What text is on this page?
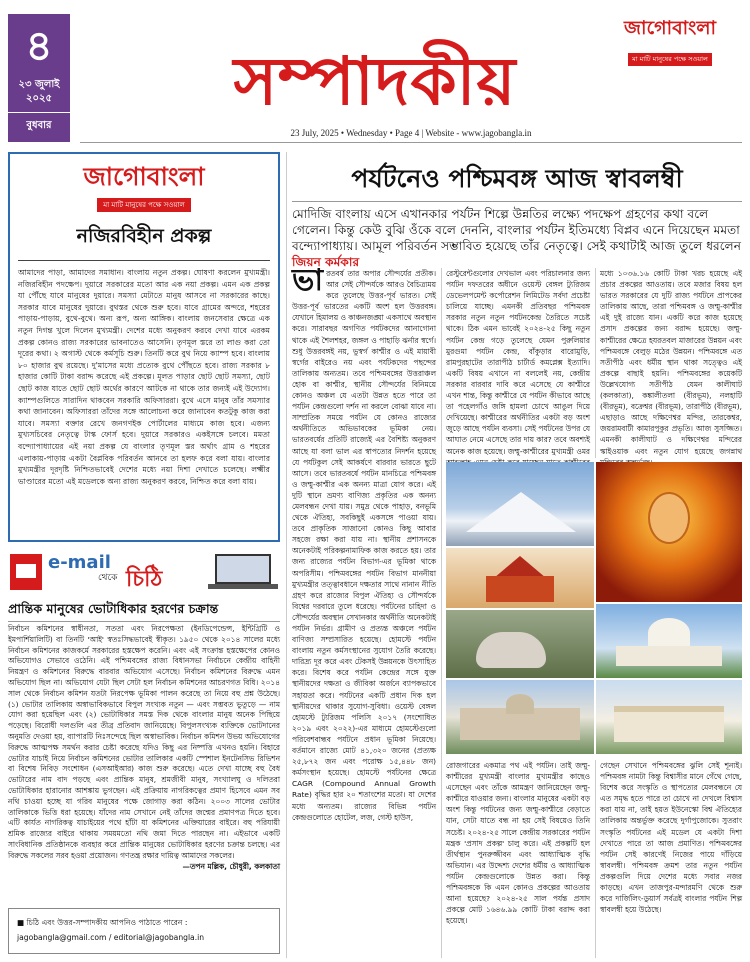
৪
২৩ জুলাই ২০২৫
বুধবার
সম্পাদকীয়
জাগোবাংলা
মা মাটি মানুষের পক্ষে সওয়াল
23 July, 2025 • Wednesday • Page 4 | Website - www.jagobangla.in
জাগোবাংলা
মা মাটি মানুষের পক্ষে সওয়াল
নজিরবিহীন প্রকল্প

আমাদের পাড়া, আমাদের সমাধান। বাংলায় নতুন প্রকল্প। ঘোষণা করলেন মুখ্যমন্ত্রী। নজিরবিহীন পদক্ষেপ। দুয়ারে সরকারের মতো আর এক নয়া প্রকল্প। এমন এক প্রকল্প যা পৌঁছে যাবে মানুষের দুয়ারে। সমস্যা মেটাতে মানুষ আসবে না সরকারের কাছে। সরকার যাবে মানুষের দুয়ারে। বুথস্তর থেকে শুরু হবে। যাবে গ্রামের অন্দরে, শহরের পাড়ায়-পাড়ায়, বুথে-বুথে। অন্য রূপ, অন্য আঙ্গিক। বাংলায় জনসেবার ক্ষেত্রে এক নতুন দিগন্ত খুলে দিলেন মুখ্যমন্ত্রী। দেশের মধ্যে অনুকরণ করবে দেখা যাবে এরকম প্রকল্প কোনও রাজ্য সরকারের ভাবনাতেও আসেনি। তৃণমূল স্তরে তা লাগু করা তো দূরের কথা। ২ অগাস্ট থেকে কর্মসূচি শুরু। তিনটি করে বুথ নিয়ে ক্যাম্প হবে। বাংলায় ৮০ হাজার বুথ রয়েছে। দু'মাসের মধ্যে প্রত্যেক বুথে পৌঁছতে হবে। রাজ্য সরকার ৮ হাজার কোটি টাকা বরাদ্দ করেছে এই প্রকল্পে। মূলত পাড়ার ছোট ছোট সমস্যা, ছোট ছোট কাজ যাতে ছোট ছোট অর্থের কারণে আটকে না থাকে তার জন্যই এই উদ্যোগ। ক্যাম্পগুলিতে সারাদিন থাকবেন সরকারি অফিসাররা। বুথে এসে মানুষ তাঁর সমস্যার কথা জানাবেন। অফিসাররা তাঁদের সঙ্গে আলোচনা করে জানাবেন কতটুকু কাজ করা যাবে। সমস্যা বক্তার রেখে জনগণইক পোর্টালের মাধ্যমে কাজ হবে। এজন্য মুখ্যসচিবের নেতৃত্বে টাস্ক ফোর্স হবে। দুয়ারে সরকারও একইসঙ্গে চলবে। মমতা বন্দ্যোপাধ্যায়ের এই নয়া প্রকল্প যে বাংলার তৃণমূল স্তর অর্থাৎ গ্রাম ও শহরের এলাকায়-পাড়ায় একটা বৈপ্লবিক পরিবর্তন আনবে তা হলফ করে বলা যায়। বাংলার মুখ্যমন্ত্রীর দূরদৃষ্টি নিশ্চিতভাবেই দেশের মধ্যে নয়া দিশা দেখাতে চলেছে। লক্ষ্মীর ভাণ্ডারের মতো এই মডেলকে অন্য রাজ্য অনুকরণ করবে, নিশ্চিত করে বলা যায়।

e-mail
থেকে চিঠি
প্রান্তিক মানুষের ভোটাধিকার হরণের চক্রান্ত
নির্বাচন কমিশনের স্বাধীনতা, সততা এবং নিরপেক্ষতা (ইনডিপেন্ডেন্স, ইন্টিগ্রিটি ও ইমপার্শিয়ালিটি) বা তিনটি 'আই' স্বতঃসিদ্ধভাবেই স্বীকৃত। ১৯৫০ থেকে ২০১৪ সালের মধ্যে নির্বাচন কমিশনের কাজকর্মে সরকারের হস্তক্ষেপ করেনি। এবং এই সংক্রান্ত হস্তক্ষেপের কোনও অভিযোগও সেভাবে ওঠেনি। এই পশ্চিমবঙ্গের রাজ্য বিধানসভা নির্বাচনে কেন্দ্রীয় বাহিনী নিয়ন্ত্রণ ও কমিশনের বিরুদ্ধে বারবার অভিযোগ এসেছে। নির্বাচন কমিশনের বিরুদ্ধে এমন অভিযোগ ছিল না। অভিযোগ যেটা ছিল সেটা হল নির্বাচন কমিশনের আচরণগত বিধি। ২০১৪ সাল থেকে নির্বাচন কমিশন যতটা নিরপেক্ষ ভূমিকা পালন করেছে তা নিয়ে বহু প্রশ্ন উঠেছে। (১) ভোটার তালিকায় অস্বাভাবিকভাবে বিপুল সংখ্যক নতুন — এবং সম্ভবত ভুতুড়ে — নাম যোগ করা হয়েছিল এবং (২) ভোটাধিকার সমস্ত দিক থেকে বাংলার মানুষ অনেক পিছিয়ে পড়েছে। বিরোধী দলগুলি এর তীব্র প্রতিবাদ জানিয়েছে। বিপুলসংখ্যক ব্যক্তিকে ভোটদানের অনুমতি দেওয়া হয়, ব্যাপারটি নিঃসন্দেহে ছিল অস্বাভাবিক। নির্বাচন কমিশন উভয় অভিযোগের বিরুদ্ধে আত্মপক্ষ সমর্থন করার চেষ্টা করেছে যদিও কিছু এর নিষ্পত্তি এখনও হয়নি। বিহারে ভোটার যাচাই নিয়ে নির্বাচন কমিশনের ভোটার তালিকার একটি স্পেশাল ইনটেনসিভ রিভিশন বা বিশেষ নিবিড় সংশোধন (এসআইআর) কাজ শুরু করেছে। এতে দেখা যাচ্ছে বহু বৈধ ভোটারের নাম বাদ পড়ছে এবং প্রান্তিক মানুষ, শ্রমজীবী মানুষ, সংখ্যালঘু ও দলিতরা ভোটাধিকার হারানোর আশঙ্কায় ভুগছেন। এই প্রক্রিয়ায় নাগরিকত্বের প্রমাণ হিসেবে এমন সব নথি চাওয়া হচ্ছে যা গরিব মানুষের পক্ষে জোগাড় করা কঠিন। ২০০৩ সালের ভোটার তালিকাকে ভিত্তি ধরা হয়েছে। যাঁদের নাম সেখানে নেই তাঁদের জন্মের প্রমাণপত্র দিতে হবে। এটি কার্যত নাগরিকত্ব যাচাইয়ের পথে হাঁটা যা কমিশনের এক্তিয়ারের বাইরে। বহু পরিযায়ী শ্রমিক রাজ্যের বাইরে থাকায় সময়মতো নথি জমা দিতে পারছেন না। এইভাবে একটি সাংবিধানিক প্রতিষ্ঠানকে ব্যবহার করে প্রান্তিক মানুষের ভোটাধিকার হরণের চক্রান্ত চলছে। এর বিরুদ্ধে সকলের সরব হওয়া প্রয়োজন। গণতন্ত্র রক্ষার দায়িত্ব আমাদের সকলের।
—তপন মল্লিক, চৌধুরী, কলকাতা
■ চিঠি এবং উত্তর-সম্পাদকীয় আপনিও পাঠাতে পারেন :
jagobangla@gmail.com / editorial@jagobangla.in
পর্যটনেও পশ্চিমবঙ্গ আজ স্বাবলম্বী
মোদিজি বাংলায় এসে এখানকার পর্যটন শিল্পে উন্নতির লক্ষ্যে পদক্ষেপ গ্রহণের কথা বলে গেলেন। কিন্তু কেউ বুঝি ওঁকে বলে দেননি, বাংলার পর্যটন ইতিমধ্যে বিপ্লব এনে দিয়েছেন মমতা বন্দ্যোপাধ্যায়। আমূল পরিবর্তন সম্ভাবিত হয়েছে তাঁর নেতৃত্বে। সেই কথাটাই আজ তুলে ধরলেন জিয়ন কর্মকার
ভা রতবর্ষ তার অপার সৌন্দর্যের প্রতীক। আর সেই সৌন্দর্যকে আরও বৈচিত্র্যময় করে তুলেছে উত্তর-পূর্ব ভারত। সেই উত্তর-পূর্ব ভারতের একটি অংশ হল উত্তরবঙ্গ। যেখানে হিমালয় ও কাঞ্চনজঙ্ঘা একসাথে অবস্থান করে। সারাবছর অগণিত পর্যটকদের আনাগোনা থাকে এই শৈলশহর, জঙ্গল ও পাহাড়ি ঝর্নার স্বর্গে। শুধু উত্তরবঙ্গই নয়, ভুস্বর্গ কাশ্মীর ও এই মায়াবী স্বর্গের বাইরেও নয় এবং পর্যটকদের পছন্দের তালিকায় অন্যতম। তবে পশ্চিমবঙ্গের উত্তরাঞ্চল হোক বা কাশ্মীর, স্থানীয় সৌন্দর্যের বিনিময়ে কোনও অঞ্চল যে এতটা উন্নত হতে পারে তা পর্যটন কেন্দ্রগুলো দর্শন না করলে বোঝা যাবে না। সাম্প্রতিক সময়ে পর্যটন যে কোনও রাজ্যের অর্থনীতিতে অভিভাবকের ভূমিকা নেয়। ভারতবর্ষের প্রতিটি রাজ্যেই এর বৈশিষ্ট্য অনুকরণ আছে যা বলা ভাল এর স্বাপত্যের নিদর্শন হয়েছে যে পর্যটকুল সেই আকর্ষণে বারবার ভারতে ছুটে আসে। তবে ভারতবর্ষে পর্যটন মানচিত্রে পশ্চিমবঙ্গ ও জম্মু-কাশ্মীর এক অনন্য মাত্রা যোগ করে। এই দুটি স্থানে ভ্রমণ্য বাণিজ্য প্রকৃতির এক অনন্য মেলবন্ধন দেখা যায়। সমুদ্র থেকে পাহাড়, বনভূমি থেকে ঐতিহ্য, সবকিছুই একসঙ্গে পাওয়া যায়। তবে প্রাকৃতিক সাজানো কোনও কিছু আবার সহজে রক্ষা করা যায় না। স্থানীয় প্রশাসনকে অনেকটাই পরিকল্পনামাফিক কাজ করতে হয়। তার জন্য রাজ্যের পর্যটন বিভাগ-এর ভূমিকা থাকে অপরিসীম। পশ্চিমবঙ্গের পর্যটন বিভাগ মাননীয়া মুখ্যমন্ত্রীর তত্ত্বাবধানে দক্ষতার সাথে নানান নীতি গ্রহণ করে রাজ্যের বিপুল ঐতিহ্য ও সৌন্দর্যকে বিশ্বের দরবারে তুলে ধরেছে। পর্যটনের চাহিদা ও সৌন্দর্যের অবস্থান সেখানকার অর্থনীতি অনেকটাই পর্যটন নির্ভর। গ্রামীণ ও প্রত্যন্ত অঞ্চলে পর্যটন বাণিজ্য সম্প্রসারিত হয়েছে। হোমস্টে পর্যটন বাংলায় নতুন কর্মসংস্থানের সুযোগ তৈরি করেছে। দারিদ্র্য দূর করে এবং টেকসই উন্নয়নকে উৎসাহিত করে। বিশেষ করে পর্যটন কেন্দ্রের সঙ্গে যুক্ত স্থানীয়দের দক্ষতা ও জীবিকা অর্জনে ব্যাপকভাবে সহায়তা করে। পর্যটনের একটি প্রধান দিক হল স্থানীয়দের থাকার সুযোগ-সুবিধা। ওয়েস্ট বেঙ্গল হোমস্টে ট্যুরিজম পলিসি ২০১৭ (সংশোধিত ২০১৯ এবং ২০২২)-এর মাধ্যমে হোমস্টেগুলো পরিবেশবান্ধব পর্যটনে প্রধান ভূমিকা নিয়েছে। বর্তমানে রাজ্যে মোট ৪১,৩২০ জনের (প্রত্যক্ষ ২৫,৮৭২ জন এবং পরোক্ষ ১৫,৪৪৮ জন) কর্মসংস্থান হয়েছে। হোমস্টে পর্যটনের ক্ষেত্রে CAGR (Compound Annual Growth Rate) বৃদ্ধির হার ২০ শতাংশের মতো। যা দেশের মধ্যে অন্যতম। রাজ্যের বিভিন্ন পর্যটন কেন্দ্রগুলোতে হোটেল, লজ, গেস্ট হাউস,
রেস্টুরেন্টগুলোর দেখভাল এবং পরিচালনার জন্য পর্যটন দফতরের অধীনে ওয়েস্ট বেঙ্গল ট্যুরিজম ডেভেলপমেন্ট কর্পোরেশন লিমিটেড সর্বদা প্রচেষ্টা চালিয়ে যাচ্ছে। এমনকী প্রতিবছর পশ্চিমবঙ্গ সরকার নতুন নতুন পর্যটনকেন্দ্র তৈরিতে সচেষ্ট থাকে। ঠিক এমন ভাবেই ২০২৪-২৫ কিছু নতুন পর্যটন কেন্দ্র গড়ে তুলেছে যেমন পুরুলিয়ার মুরগুমা পর্যটন কেন্দ্র, বাঁকুড়ার বারোমুড়ি, রামপুরহাটের তারাপীঠ চার্টার্ড কমপ্লেক্স ইত্যাদি। একটি বিষয় এখানে না বললেই নয়, কেন্দ্রীয় সরকার বারবার দাবি করে এসেছে যে কাশ্মীরে এখন শান্ত, কিন্তু কাশ্মীরে যে পর্যটন কীভাবে আছে তা পহেলগাঁও জঙ্গি হামলা চোখে আঙুল দিয়ে দেখিয়েছে। কাশ্মীরের অর্থনীতির একটা বড় অংশ জুড়ে আছে পর্যটন ব্যবসা। সেই পর্যটনের উপর যে আঘাত নেমে এসেছে তার দায় কার? তবে অবশ্যই অনেক কাজ হয়েছে। জম্মু-কাশ্মীরের মুখ্যমন্ত্রী ওমর
মধ্যে ১০৩৬.১৬ কোটি টাকা খরচ হয়েছে এই প্রচার প্রকল্পের আওতায়। তবে মজার বিষয় হল ভারত সরকারের যে দুটি রাজ্য পর্যটনে প্রাপকের তালিকায় আছে, তারা পশ্চিমবঙ্গ ও জম্মু-কাশ্মীর এই দুই রাজ্যে যান। একটি করে কাজ হয়েছে প্রসাদ প্রকল্পের জন্য বরাদ্দ হয়েছে। জম্মু-কাশ্মীরের ক্ষেত্রে হযরতবল মাজারের উন্নয়ন এবং পশ্চিমবঙ্গে বেলুড় মঠের উন্নয়ন। পশ্চিমবঙ্গে এত সতীপীঠ এবং ধর্মীয় স্থান থাকা সত্ত্বেও এই প্রকল্পে বাছাই হয়নি। পশ্চিমবঙ্গের কয়েকটি উল্লেখযোগ্য সতীপীঠ যেমন কালীঘাট (কলকাতা), কঙ্কালীতলা (বীরভূম), নলহাটি (বীরভূম), বক্রেশ্বর (বীরভূম), তারাপীঠ (বীরভূম), এছাড়াও আছে দক্ষিণেশ্বর মন্দির, তারকেশ্বর, জয়রামবাটী কামারপুকুর প্রভৃতি। আজ সুসজ্জিত। এমনকী কালীঘাট ও দক্ষিণেশ্বর মন্দিরের স্কাইওয়াক এবং নতুন যোগ হয়েছে জগন্নাথ
রোজগারের একমাত্র পথ এই পর্যটন। তাই জম্মু-কাশ্মীরের মুখ্যমন্ত্রী বাংলার মুখ্যমন্ত্রীর কাছেও এসেছেন এবং তাঁকে আমন্ত্রণ জানিয়েছেন জম্মু-কাশ্মীরে যাওয়ার জন্য। বাংলার মানুষের একটা বড় অংশ কিন্তু পর্যটনের জন্য জম্মু-কাশ্মীরে বেড়াতে যান, সেটা যাতে বন্ধ না হয় সেই বিষয়েও তিনি সচেষ্ট। ২০২৪-২৫ সালে কেন্দ্রীয় সরকারের পর্যটন মন্ত্রক 'প্রসাদ প্রকল্প' চালু করে। এই প্রকল্পটি হল তীর্থস্থান পুনরুজ্জীবন এবং আধ্যাত্মিক বৃদ্ধি অভিযান। এর উদ্দেশ্য দেশের ধর্মীয় ও আধ্যাত্মিক পর্যটন কেন্দ্রগুলোকে উন্নত করা। কিন্তু পশ্চিমবঙ্গকে কি এমন কোনও প্রকল্পের আওতায় আনা হয়েছে? ২০২৪-২৫ সাল পর্যন্ত প্রসাদ প্রকল্পে মোট ১৬৪৬.৯৯ কোটি টাকা বরাদ্দ করা হয়েছে।
গেছেন সেখানে পশ্চিমবঙ্গের ঝুলি সেই শূন্যই। পশ্চিমবঙ্গ নামটা কিন্তু বিশ্বাসীর মানে গেঁথে গেছে, বিশেষ করে সংস্কৃতি ও স্থাপত্যের মেলবন্ধনে যে এত সমৃদ্ধ হতে পারে তা চোখে না দেখলে বিশ্বাস করা যায় না, তাই হয়ত ইউনেস্কো বিশ্ব ঐতিহ্যের তালিকায় অন্তর্ভুক্ত করেছে দুর্গাপুজোকে। সুতরাং সংস্কৃতি পর্যটনের এই মডেল যে একটা দিশা দেখাতে পারে তা আজ প্রমাণিত। পশ্চিমবঙ্গের পর্যটন সেই কারণেই নিজের পায়ে দাঁড়িয়ে স্বাবলম্বী। পশ্চিমবঙ্গ ক্রমশ তার নতুন পর্যটন প্রকল্পগুলি দিয়ে দেশের মধ্যে সবার নজর কাড়ছে। এখন তাজপুর-মন্দারমণি থেকে শুরু করে দার্জিলিং-ডুয়ার্স সর্বত্রই বাংলার পর্যটন শিল্প স্বাবলম্বী হয়ে উঠেছে।
